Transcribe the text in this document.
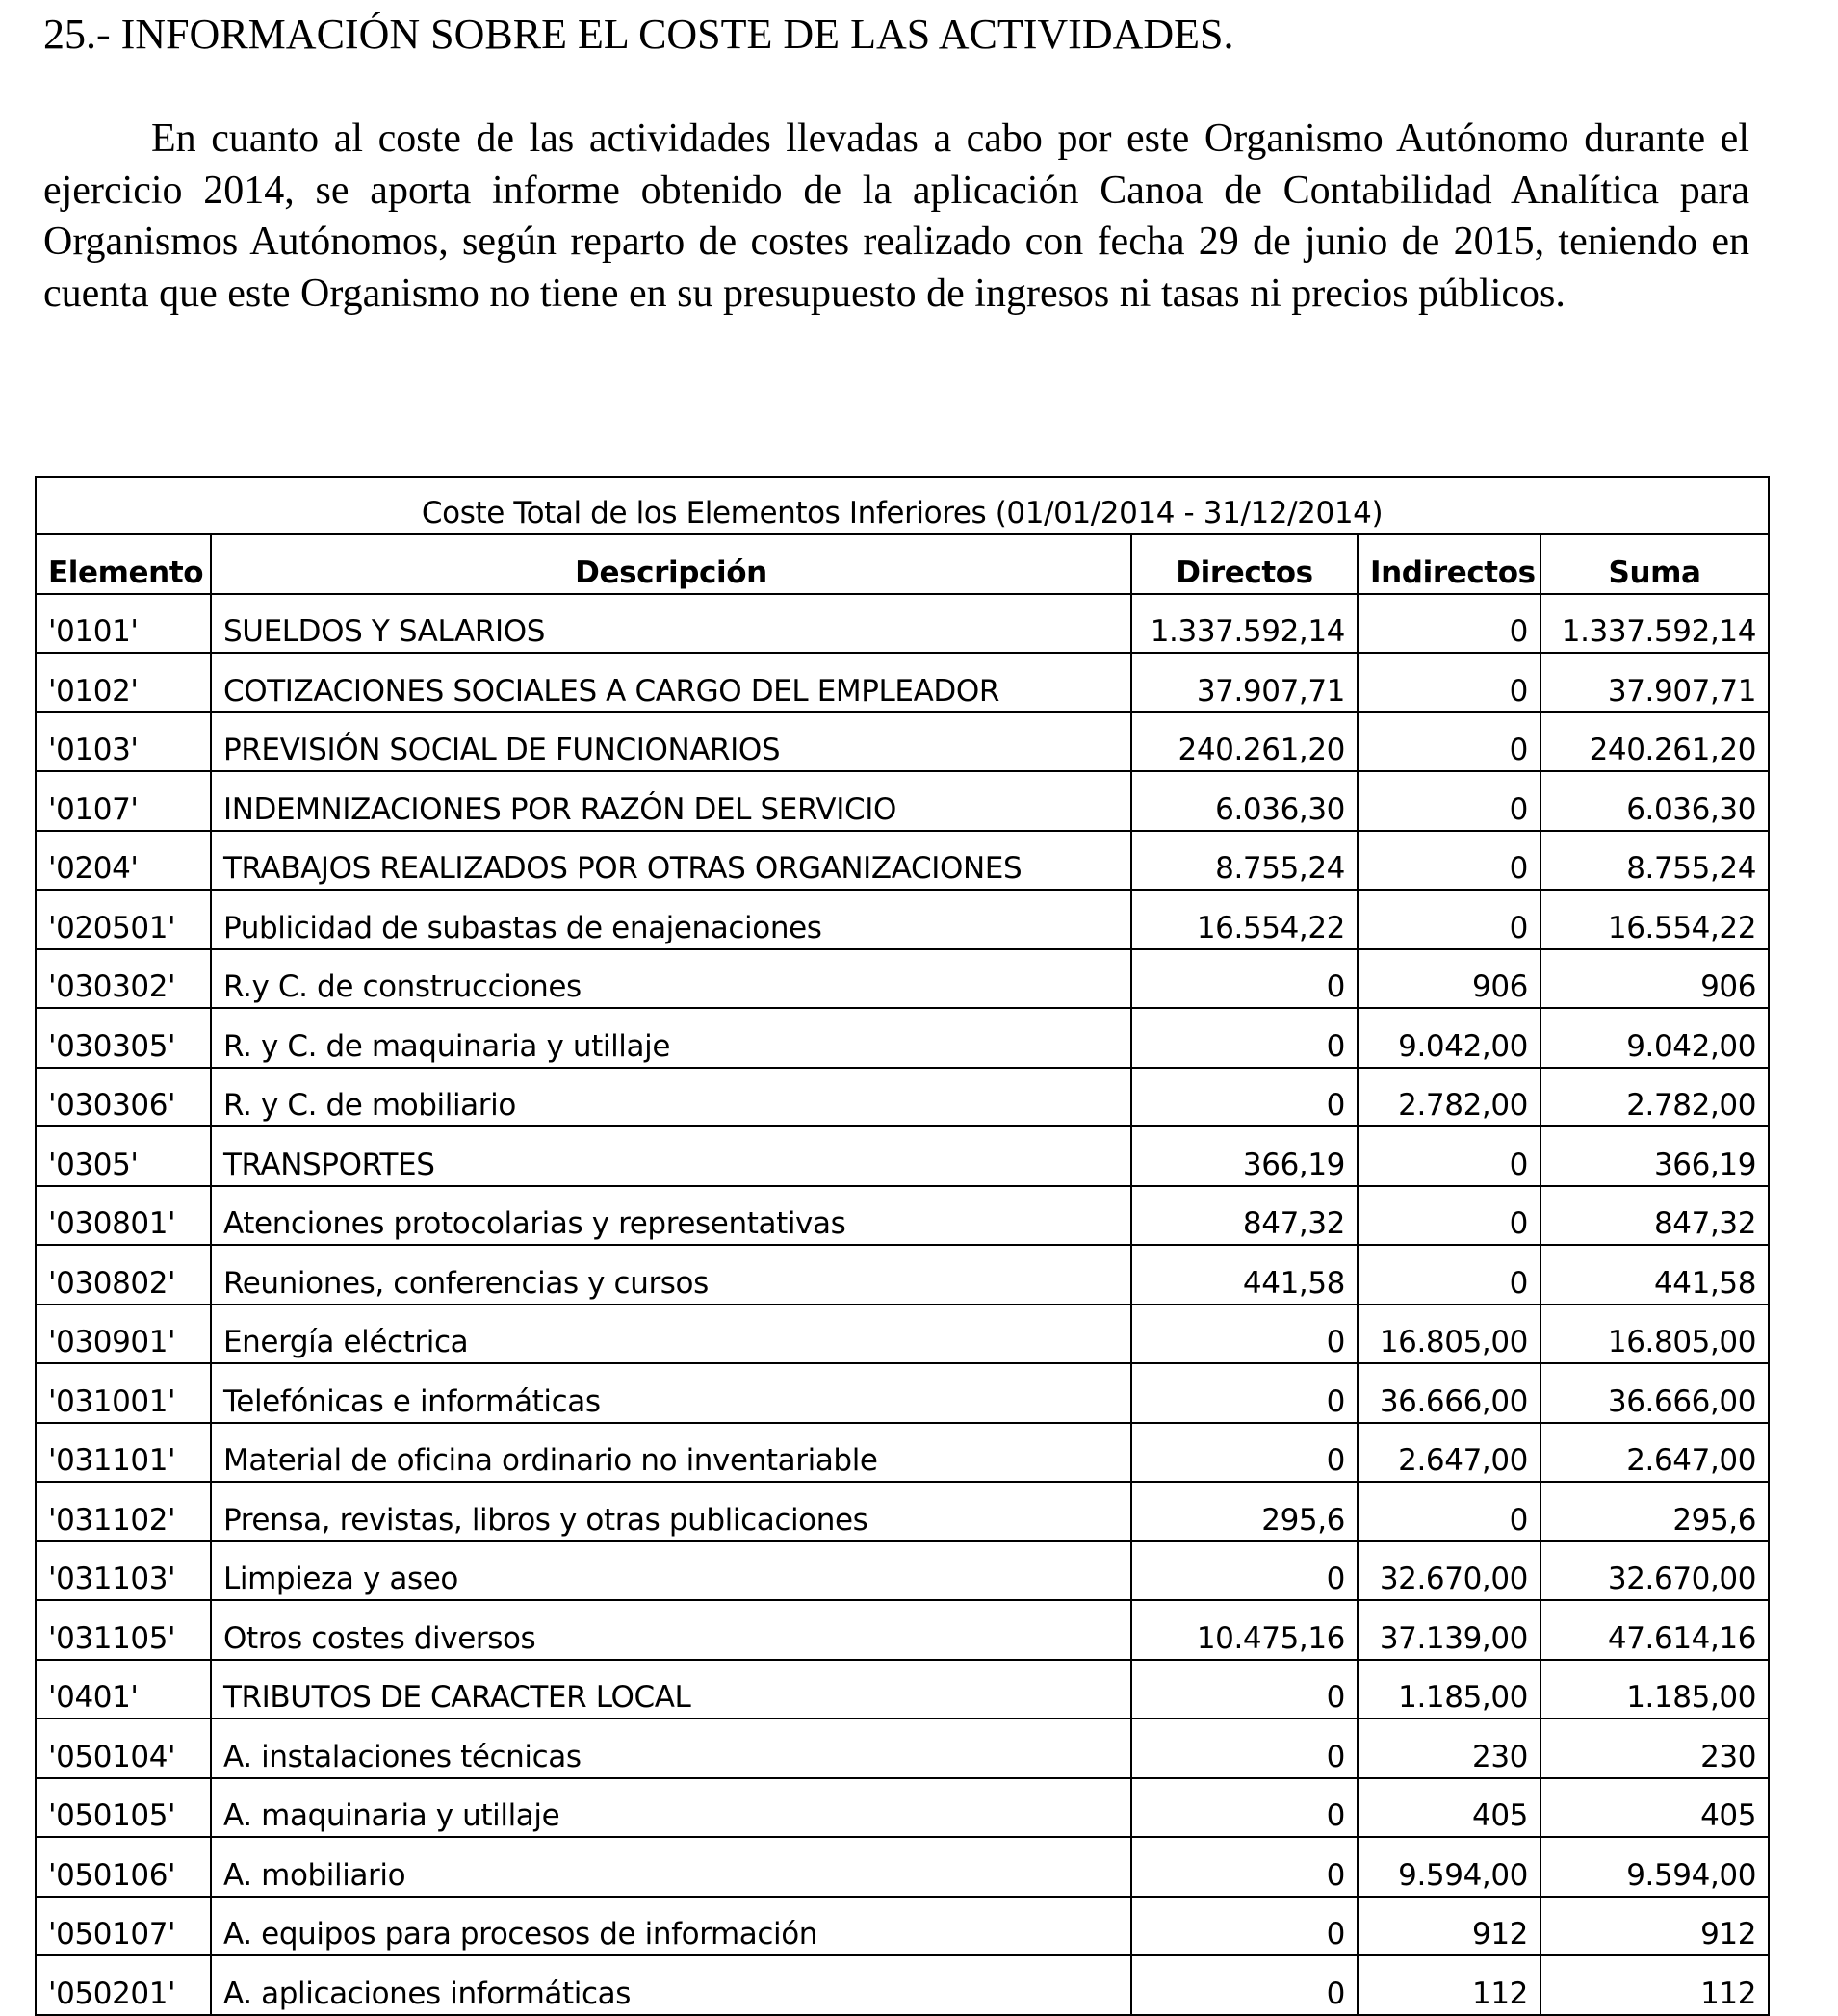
25.- INFORMACIÓN SOBRE EL COSTE DE LAS ACTIVIDADES.

En cuanto al coste de las actividades llevadas a cabo por este Organismo Autónomo durante el ejercicio 2014, se aporta informe obtenido de la aplicación Canoa de Contabilidad Analítica para Organismos Autónomos, según reparto de costes realizado con fecha 29 de junio de 2015, teniendo en cuenta que este Organismo no tiene en su presupuesto de ingresos ni tasas ni precios públicos.

Coste Total de los Elementos Inferiores (01/01/2014 - 31/12/2014)				
Elemento	Descripción	Directos	Indirectos	Suma
'0101'	SUELDOS Y SALARIOS	1.337.592,14	0	1.337.592,14
'0102'	COTIZACIONES SOCIALES A CARGO DEL EMPLEADOR	37.907,71	0	37.907,71
'0103'	PREVISIÓN SOCIAL DE FUNCIONARIOS	240.261,20	0	240.261,20
'0107'	INDEMNIZACIONES POR RAZÓN DEL SERVICIO	6.036,30	0	6.036,30
'0204'	TRABAJOS REALIZADOS POR OTRAS ORGANIZACIONES	8.755,24	0	8.755,24
'020501'	Publicidad de subastas de enajenaciones	16.554,22	0	16.554,22
'030302'	R.y C. de construcciones	0	906	906
'030305'	R. y C. de maquinaria y utillaje	0	9.042,00	9.042,00
'030306'	R. y C. de mobiliario	0	2.782,00	2.782,00
'0305'	TRANSPORTES	366,19	0	366,19
'030801'	Atenciones protocolarias y representativas	847,32	0	847,32
'030802'	Reuniones, conferencias y cursos	441,58	0	441,58
'030901'	Energía eléctrica	0	16.805,00	16.805,00
'031001'	Telefónicas e informáticas	0	36.666,00	36.666,00
'031101'	Material de oficina ordinario no inventariable	0	2.647,00	2.647,00
'031102'	Prensa, revistas, libros y otras publicaciones	295,6	0	295,6
'031103'	Limpieza y aseo	0	32.670,00	32.670,00
'031105'	Otros costes diversos	10.475,16	37.139,00	47.614,16
'0401'	TRIBUTOS DE CARACTER LOCAL	0	1.185,00	1.185,00
'050104'	A. instalaciones técnicas	0	230	230
'050105'	A. maquinaria y utillaje	0	405	405
'050106'	A. mobiliario	0	9.594,00	9.594,00
'050107'	A. equipos para procesos de información	0	912	912
'050201'	A. aplicaciones informáticas	0	112	112
